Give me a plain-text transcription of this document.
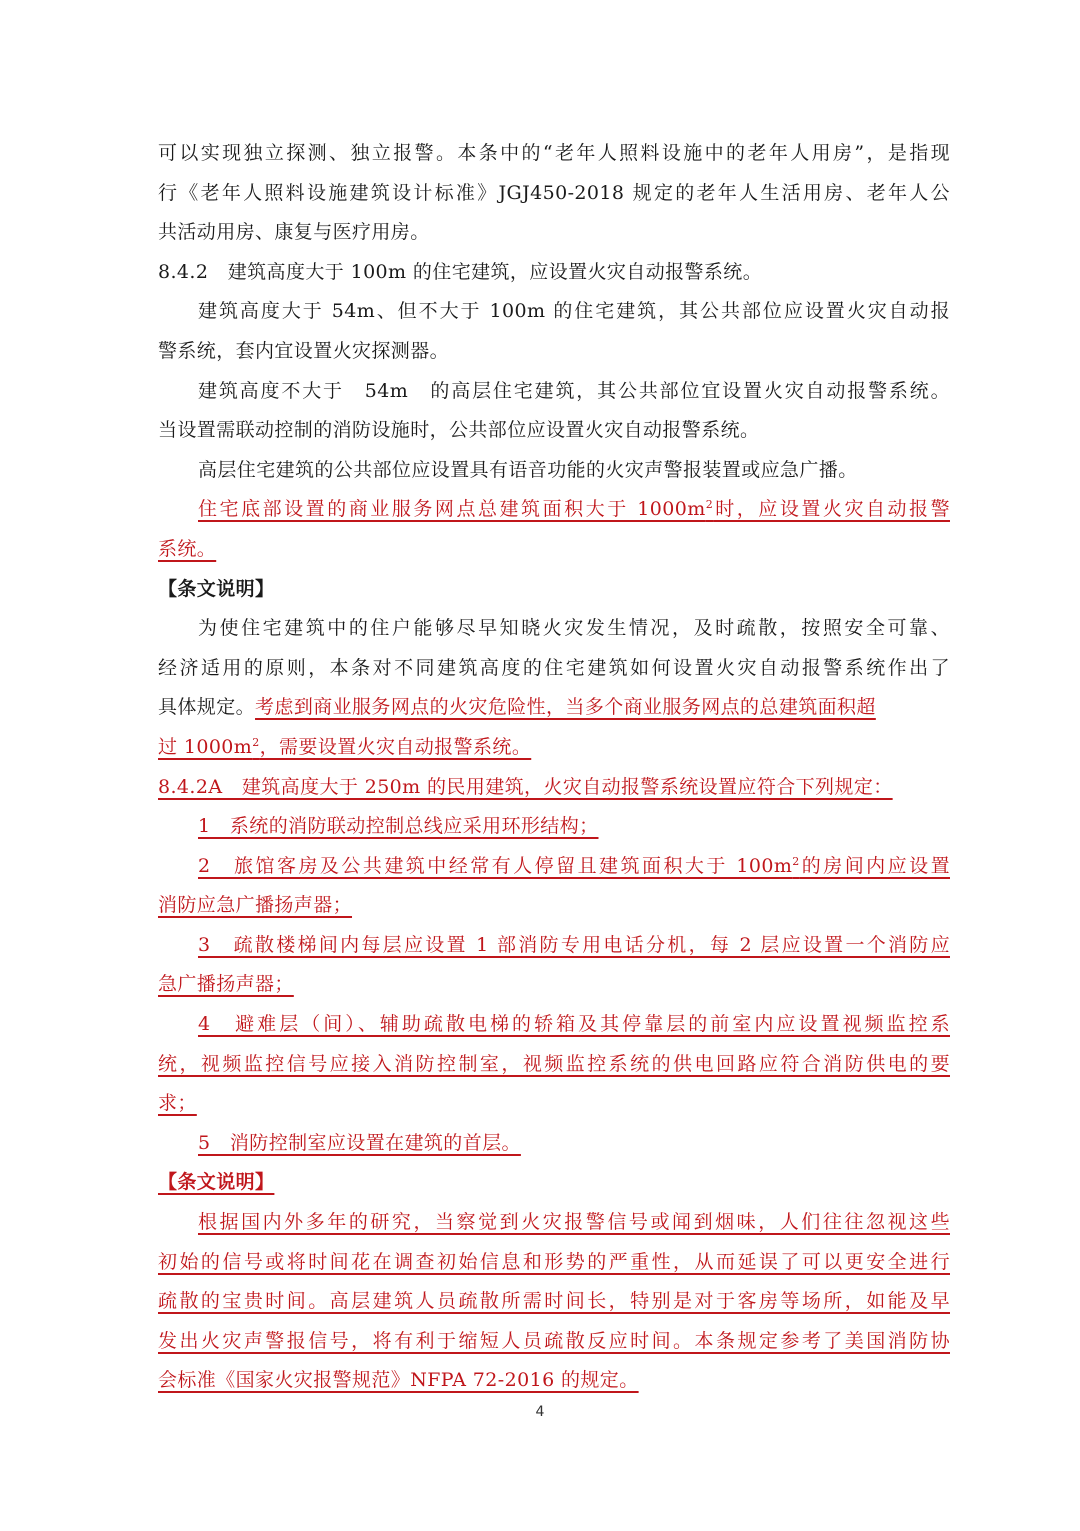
可以实现独立探测、独立报警。本条中的“老年人照料设施中的老年人用房”，是指现
行《老年人照料设施建筑设计标准》JGJ450-2018 规定的老年人生活用房、老年人公
共活动用房、康复与医疗用房。
8.4.2　建筑高度大于 100m 的住宅建筑，应设置火灾自动报警系统。
建筑高度大于 54m、但不大于 100m 的住宅建筑，其公共部位应设置火灾自动报
警系统，套内宜设置火灾探测器。
建筑高度不大于　54m　的高层住宅建筑，其公共部位宜设置火灾自动报警系统。
当设置需联动控制的消防设施时，公共部位应设置火灾自动报警系统。
高层住宅建筑的公共部位应设置具有语音功能的火灾声警报装置或应急广播。
住宅底部设置的商业服务网点总建筑面积大于 $1000m^2$时，应设置火灾自动报警
系统。
【条文说明】
为使住宅建筑中的住户能够尽早知晓火灾发生情况，及时疏散，按照安全可靠、
经济适用的原则，本条对不同建筑高度的住宅建筑如何设置火灾自动报警系统作出了
具体规定。考虑到商业服务网点的火灾危险性，当多个商业服务网点的总建筑面积超
过 $1000m^2$，需要设置火灾自动报警系统。
8.4.2A　建筑高度大于 250m 的民用建筑，火灾自动报警系统设置应符合下列规定：
1　系统的消防联动控制总线应采用环形结构；
2　旅馆客房及公共建筑中经常有人停留且建筑面积大于 $100m^2$的房间内应设置
消防应急广播扬声器；
3　疏散楼梯间内每层应设置 1 部消防专用电话分机，每 2 层应设置一个消防应
急广播扬声器；
4　避难层（间）、辅助疏散电梯的轿箱及其停靠层的前室内应设置视频监控系
统，视频监控信号应接入消防控制室，视频监控系统的供电回路应符合消防供电的要
求；
5　消防控制室应设置在建筑的首层。
【条文说明】
根据国内外多年的研究，当察觉到火灾报警信号或闻到烟味，人们往往忽视这些
初始的信号或将时间花在调查初始信息和形势的严重性，从而延误了可以更安全进行
疏散的宝贵时间。高层建筑人员疏散所需时间长，特别是对于客房等场所，如能及早
发出火灾声警报信号，将有利于缩短人员疏散反应时间。本条规定参考了美国消防协
会标准《国家火灾报警规范》NFPA 72-2016 的规定。
4
